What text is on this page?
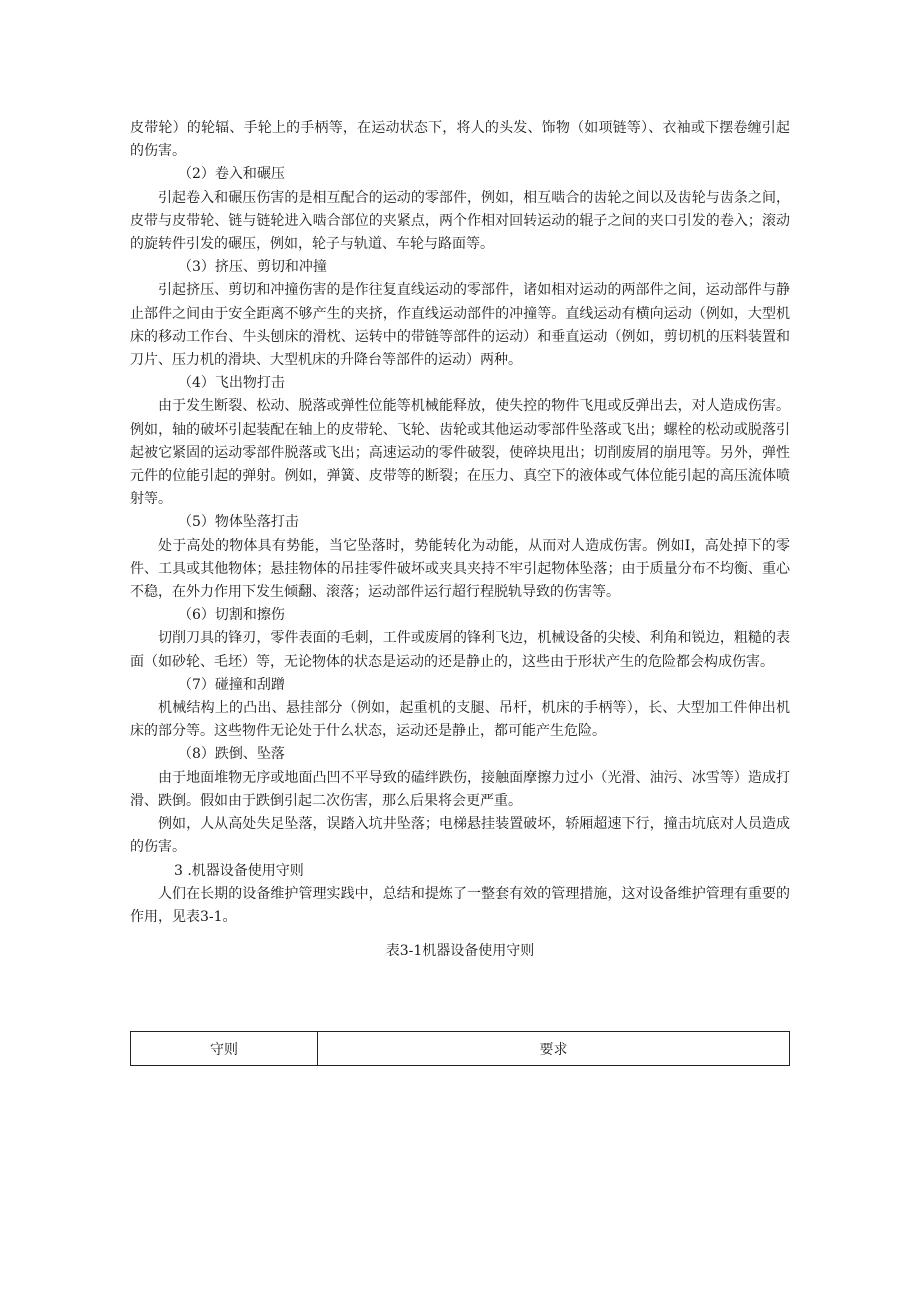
皮带轮）的轮辐、手轮上的手柄等，在运动状态下，将人的头发、饰物（如项链等）、衣袖或下摆卷缠引起的伤害。

（2）卷入和碾压

引起卷入和碾压伤害的是相互配合的运动的零部件，例如，相互啮合的齿轮之间以及齿轮与齿条之间，皮带与皮带轮、链与链轮进入啮合部位的夹紧点，两个作相对回转运动的辊子之间的夹口引发的卷入；滚动的旋转件引发的碾压，例如，轮子与轨道、车轮与路面等。

（3）挤压、剪切和冲撞

引起挤压、剪切和冲撞伤害的是作往复直线运动的零部件，诸如相对运动的两部件之间，运动部件与静止部件之间由于安全距离不够产生的夹挤，作直线运动部件的冲撞等。直线运动有横向运动（例如，大型机床的移动工作台、牛头刨床的滑枕、运转中的带链等部件的运动）和垂直运动（例如，剪切机的压料装置和刀片、压力机的滑块、大型机床的升降台等部件的运动）两种。

（4）飞出物打击

由于发生断裂、松动、脱落或弹性位能等机械能释放，使失控的物件飞甩或反弹出去，对人造成伤害。例如，轴的破坏引起装配在轴上的皮带轮、飞轮、齿轮或其他运动零部件坠落或飞出；螺栓的松动或脱落引起被它紧固的运动零部件脱落或飞出；高速运动的零件破裂，使碎块甩出；切削废屑的崩甩等。另外，弹性元件的位能引起的弹射。例如，弹簧、皮带等的断裂；在压力、真空下的液体或气体位能引起的高压流体喷射等。

（5）物体坠落打击

处于高处的物体具有势能，当它坠落时，势能转化为动能，从而对人造成伤害。例如I，高处掉下的零件、工具或其他物体；悬挂物体的吊挂零件破坏或夹具夹持不牢引起物体坠落；由于质量分布不均衡、重心不稳，在外力作用下发生倾翻、滚落；运动部件运行超行程脱轨导致的伤害等。

（6）切割和擦伤

切削刀具的锋刃，零件表面的毛刺，工件或废屑的锋利飞边，机械设备的尖棱、利角和锐边，粗糙的表面（如砂轮、毛坯）等，无论物体的状态是运动的还是静止的，这些由于形状产生的危险都会构成伤害。

（7）碰撞和刮蹭

机械结构上的凸出、悬挂部分（例如，起重机的支腿、吊杆，机床的手柄等），长、大型加工件伸出机床的部分等。这些物件无论处于什么状态，运动还是静止，都可能产生危险。

（8）跌倒、坠落

由于地面堆物无序或地面凸凹不平导致的磕绊跌伤，接触面摩擦力过小（光滑、油污、冰雪等）造成打滑、跌倒。假如由于跌倒引起二次伤害，那么后果将会更严重。

例如，人从高处失足坠落，误踏入坑井坠落；电梯悬挂装置破坏，轿厢超速下行，撞击坑底对人员造成的伤害。

3 .机器设备使用守则

人们在长期的设备维护管理实践中，总结和提炼了一整套有效的管理措施，这对设备维护管理有重要的作用，见表3-1。

表3-1机器设备使用守则

守则	要求
